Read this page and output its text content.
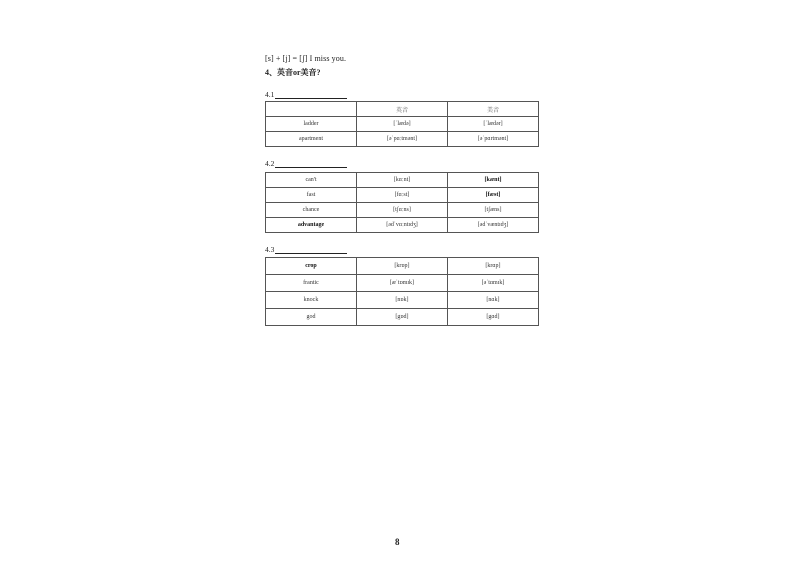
[s] + [j] = [ʃ] I miss you.
4、英音or美音?
4.1
	英音	美音
ladder	[ˈlædə]	[ˈlædər]
apartment	[əˈpɑːtmənt]	[əˈpɑrtmənt]
4.2
can't	[kɑːnt]	[kænt]
fast	[fɑːst]	[fæst]
chance	[tʃɑːns]	[tʃæns]
advantage	[ədˈvɑːntɪdʒ]	[ədˈvæntɪdʒ]
4.3
crop	[krɒp]	[krɑp]
frantic	[æˈtɒmɪk]	[əˈtɑmɪk]
knock	[nɒk]	[nɑk]
god	[gɒd]	[gɑd]
8
